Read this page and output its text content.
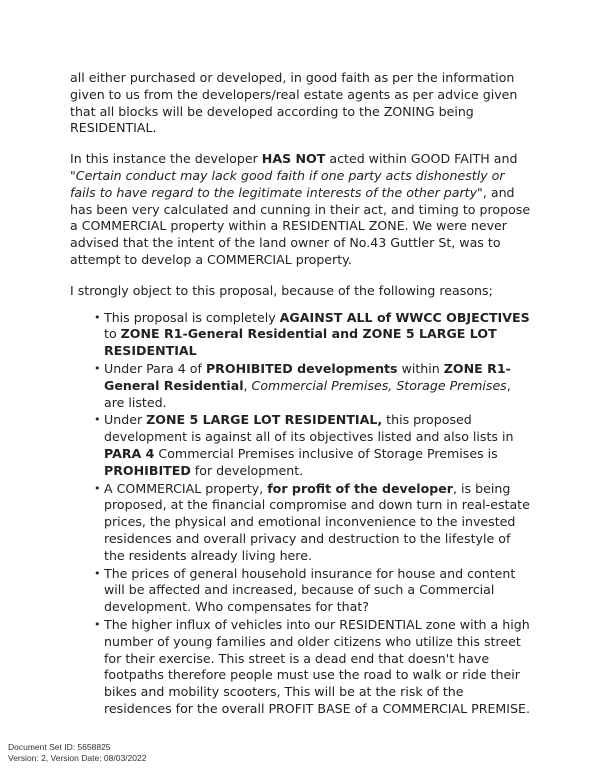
all either purchased or developed, in good faith as per the information given to us from the developers/real estate agents as per advice given that all blocks will be developed according to the ZONING being RESIDENTIAL.

In this instance the developer HAS NOT acted within GOOD FAITH and "Certain conduct may lack good faith if one party acts dishonestly or fails to have regard to the legitimate interests of the other party", and has been very calculated and cunning in their act, and timing to propose a COMMERCIAL property within a RESIDENTIAL ZONE. We were never advised that the intent of the land owner of No.43 Guttler St, was to attempt to develop a COMMERCIAL property.

I strongly object to this proposal, because of the following reasons;

• This proposal is completely AGAINST ALL of WWCC OBJECTIVES to ZONE R1-General Residential and ZONE 5 LARGE LOT RESIDENTIAL
• Under Para 4 of PROHIBITED developments within ZONE R1-General Residential, Commercial Premises, Storage Premises, are listed.
• Under ZONE 5 LARGE LOT RESIDENTIAL, this proposed development is against all of its objectives listed and also lists in PARA 4 Commercial Premises inclusive of Storage Premises is PROHIBITED for development.
• A COMMERCIAL property, for profit of the developer, is being proposed, at the financial compromise and down turn in real-estate prices, the physical and emotional inconvenience to the invested residences and overall privacy and destruction to the lifestyle of the residents already living here.
• The prices of general household insurance for house and content will be affected and increased, because of such a Commercial development. Who compensates for that?
• The higher influx of vehicles into our RESIDENTIAL zone with a high number of young families and older citizens who utilize this street for their exercise. This street is a dead end that doesn't have footpaths therefore people must use the road to walk or ride their bikes and mobility scooters, This will be at the risk of the residences for the overall PROFIT BASE of a COMMERCIAL PREMISE.
Document Set ID: 5658825
Version: 2, Version Date: 08/03/2022
